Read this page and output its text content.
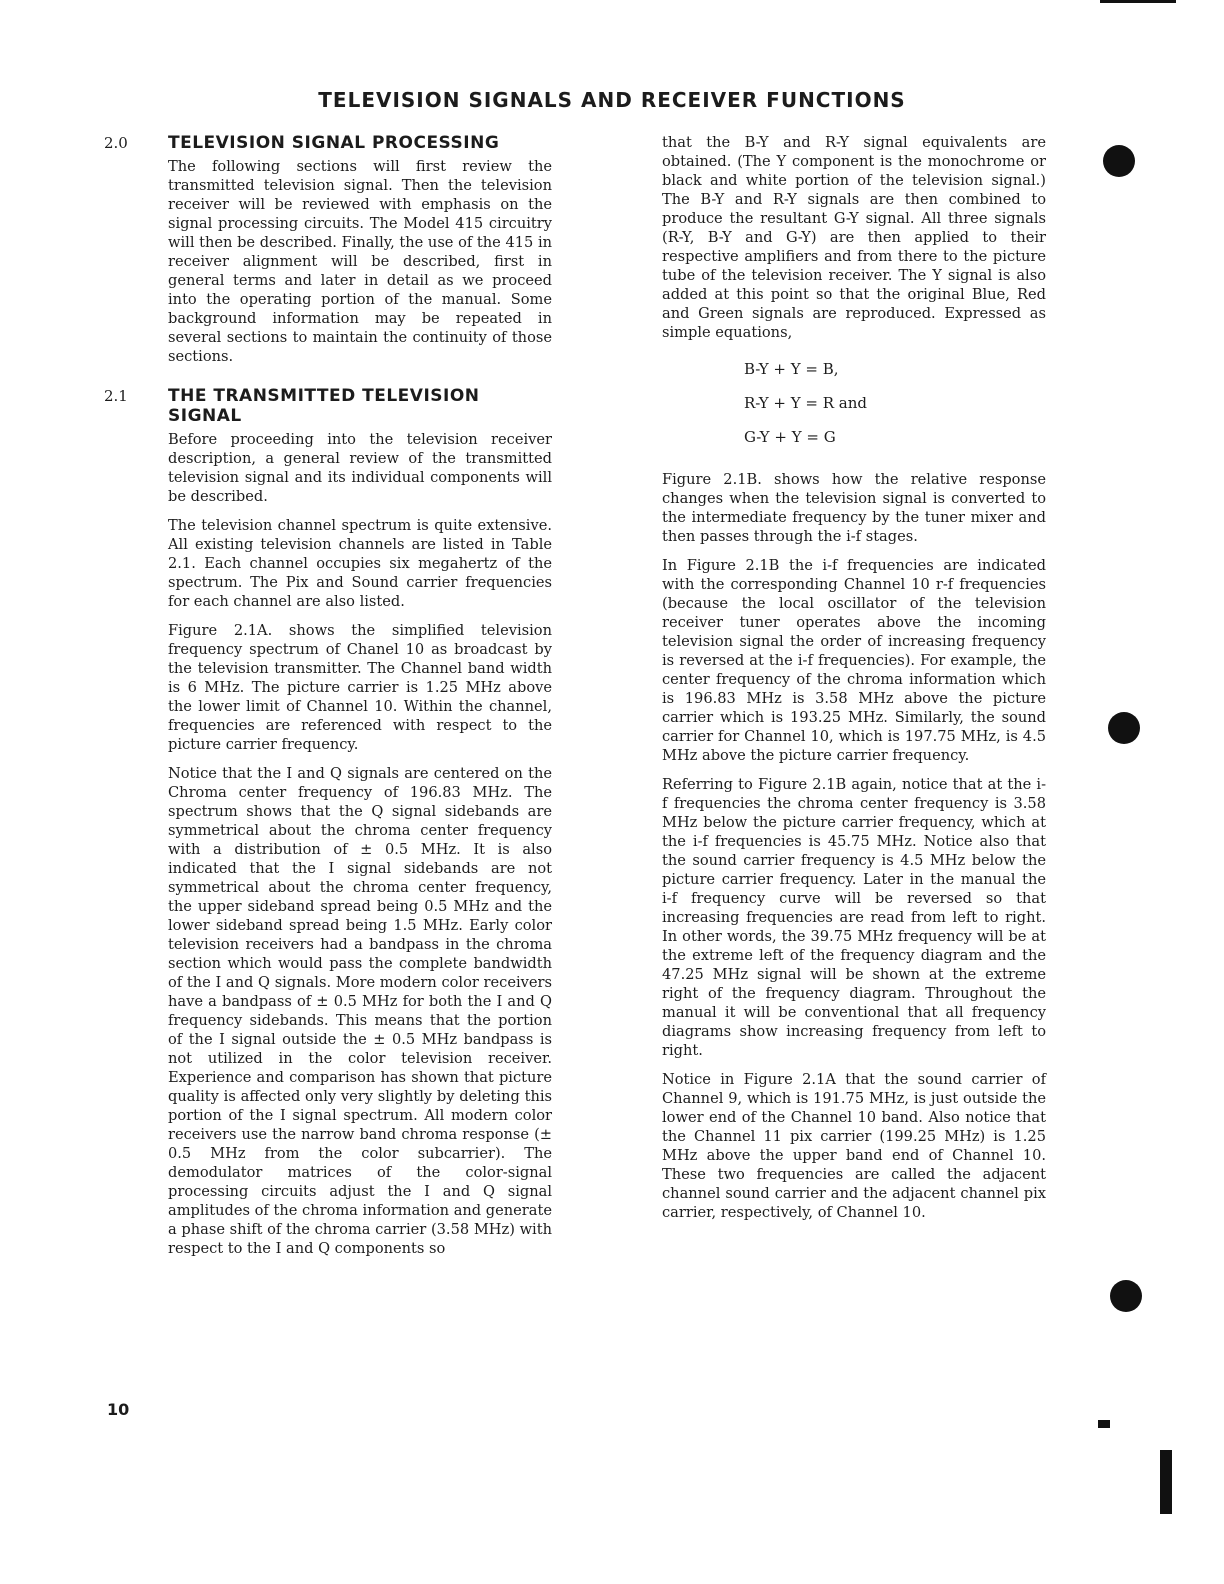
TELEVISION SIGNALS AND RECEIVER FUNCTIONS
2.0 TELEVISION SIGNAL PROCESSING

The following sections will first review the transmitted television signal. Then the television receiver will be reviewed with emphasis on the signal processing circuits. The Model 415 circuitry will then be described. Finally, the use of the 415 in receiver alignment will be described, first in general terms and later in detail as we proceed into the operating portion of the manual. Some background information may be repeated in several sections to maintain the continuity of those sections.

2.1 THE TRANSMITTED TELEVISION SIGNAL

Before proceeding into the television receiver description, a general review of the transmitted television signal and its individual components will be described.

The television channel spectrum is quite extensive. All existing television channels are listed in Table 2.1. Each channel occupies six megahertz of the spectrum. The Pix and Sound carrier frequencies for each channel are also listed.

Figure 2.1A. shows the simplified television frequency spectrum of Chanel 10 as broadcast by the television transmitter. The Channel band width is 6 MHz. The picture carrier is 1.25 MHz above the lower limit of Channel 10. Within the channel, frequencies are referenced with respect to the picture carrier frequency.

Notice that the I and Q signals are centered on the Chroma center frequency of 196.83 MHz. The spectrum shows that the Q signal sidebands are symmetrical about the chroma center frequency with a distribution of ± 0.5 MHz. It is also indicated that the I signal sidebands are not symmetrical about the chroma center frequency, the upper sideband spread being 0.5 MHz and the lower sideband spread being 1.5 MHz. Early color television receivers had a bandpass in the chroma section which would pass the complete bandwidth of the I and Q signals. More modern color receivers have a bandpass of ± 0.5 MHz for both the I and Q frequency sidebands. This means that the portion of the I signal outside the ± 0.5 MHz bandpass is not utilized in the color television receiver. Experience and comparison has shown that picture quality is affected only very slightly by deleting this portion of the I signal spectrum. All modern color receivers use the narrow band chroma response (± 0.5 MHz from the color subcarrier). The demodulator matrices of the color-signal processing circuits adjust the I and Q signal amplitudes of the chroma information and generate a phase shift of the chroma carrier (3.58 MHz) with respect to the I and Q components so

that the B-Y and R-Y signal equivalents are obtained. (The Y component is the monochrome or black and white portion of the television signal.) The B-Y and R-Y signals are then combined to produce the resultant G-Y signal. All three signals (R-Y, B-Y and G-Y) are then applied to their respective amplifiers and from there to the picture tube of the television receiver. The Y signal is also added at this point so that the original Blue, Red and Green signals are reproduced. Expressed as simple equations,

B-Y + Y = B,
R-Y + Y = R and
G-Y + Y = G

Figure 2.1B. shows how the relative response changes when the television signal is converted to the intermediate frequency by the tuner mixer and then passes through the i-f stages.

In Figure 2.1B the i-f frequencies are indicated with the corresponding Channel 10 r-f frequencies (because the local oscillator of the television receiver tuner operates above the incoming television signal the order of increasing frequency is reversed at the i-f frequencies). For example, the center frequency of the chroma information which is 196.83 MHz is 3.58 MHz above the picture carrier which is 193.25 MHz. Similarly, the sound carrier for Channel 10, which is 197.75 MHz, is 4.5 MHz above the picture carrier frequency.

Referring to Figure 2.1B again, notice that at the i-f frequencies the chroma center frequency is 3.58 MHz below the picture carrier frequency, which at the i-f frequencies is 45.75 MHz. Notice also that the sound carrier frequency is 4.5 MHz below the picture carrier frequency. Later in the manual the i-f frequency curve will be reversed so that increasing frequencies are read from left to right. In other words, the 39.75 MHz frequency will be at the extreme left of the frequency diagram and the 47.25 MHz signal will be shown at the extreme right of the frequency diagram. Throughout the manual it will be conventional that all frequency diagrams show increasing frequency from left to right.

Notice in Figure 2.1A that the sound carrier of Channel 9, which is 191.75 MHz, is just outside the lower end of the Channel 10 band. Also notice that the Channel 11 pix carrier (199.25 MHz) is 1.25 MHz above the upper band end of Channel 10. These two frequencies are called the adjacent channel sound carrier and the adjacent channel pix carrier, respectively, of Channel 10.

10
